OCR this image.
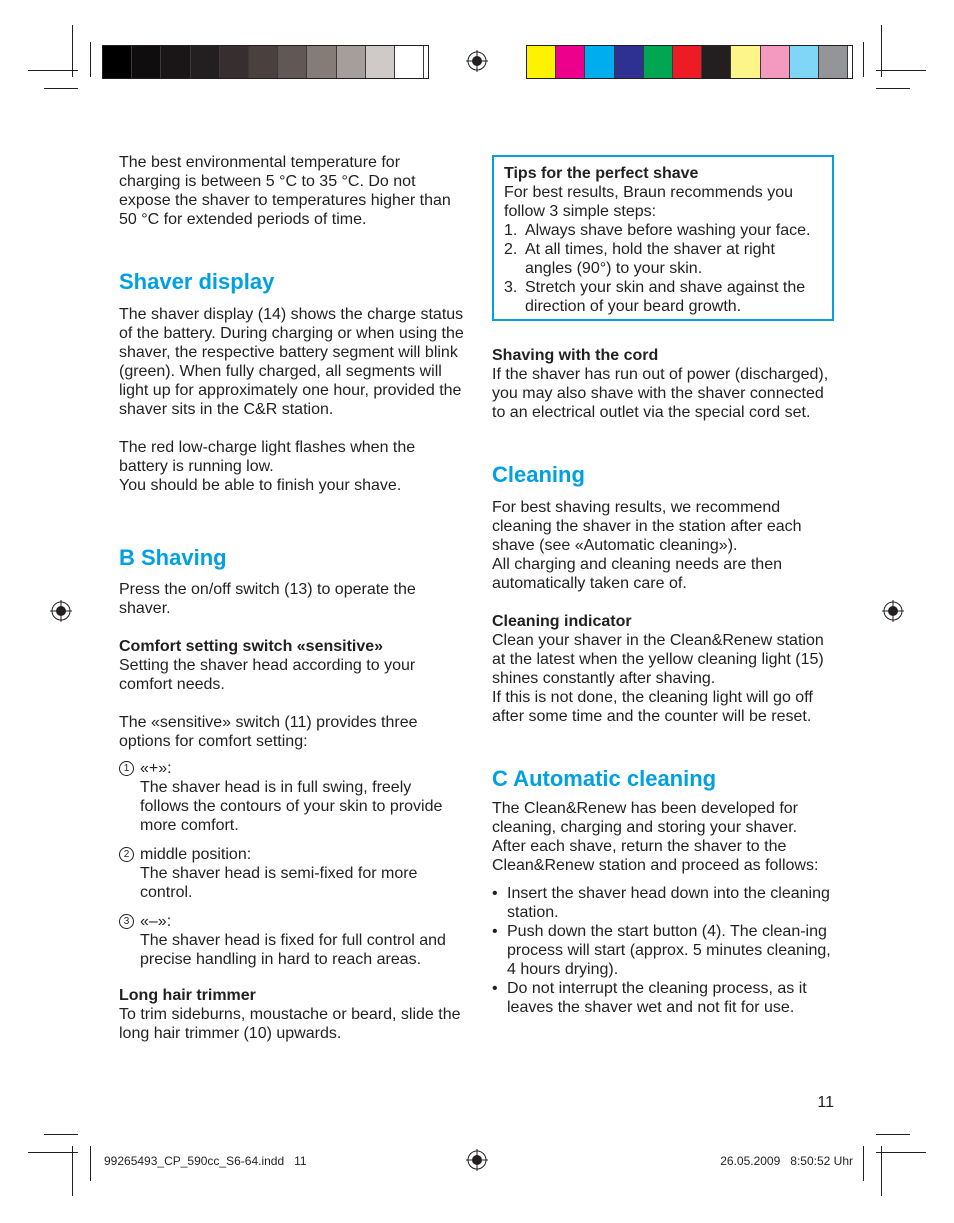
The best environmental temperature for charging is between 5 °C to 35 °C. Do not expose the shaver to temperatures higher than 50 °C for extended periods of time.

Shaver display

The shaver display (14) shows the charge status of the battery. During charging or when using the shaver, the respective battery segment will blink (green). When fully charged, all segments will light up for approximately one hour, provided the shaver sits in the C&R station.

The red low-charge light flashes when the battery is running low.

You should be able to finish your shave.

B Shaving

Press the on/off switch (13) to operate the shaver.

Comfort setting switch «sensitive»

Setting the shaver head according to your comfort needs.

The «sensitive» switch (11) provides three options for comfort setting:

1 «+»:
The shaver head is in full swing, freely follows the contours of your skin to provide more comfort.
2 middle position:
The shaver head is semi-fixed for more control.
3 «–»:
The shaver head is fixed for full control and precise handling in hard to reach areas.

Long hair trimmer

To trim sideburns, moustache or beard, slide the long hair trimmer (10) upwards.

Tips for the perfect shave
For best results, Braun recommends you follow 3 simple steps:
1. Always shave before washing your face.
2. At all times, hold the shaver at right angles (90°) to your skin.
3. Stretch your skin and shave against the direction of your beard growth.

Shaving with the cord

If the shaver has run out of power (discharged), you may also shave with the shaver connected to an electrical outlet via the special cord set.

Cleaning

For best shaving results, we recommend cleaning the shaver in the station after each shave (see «Automatic cleaning»).

All charging and cleaning needs are then automatically taken care of.

Cleaning indicator

Clean your shaver in the Clean&Renew station at the latest when the yellow cleaning light (15) shines constantly after shaving.

If this is not done, the cleaning light will go off after some time and the counter will be reset.

C Automatic cleaning

The Clean&Renew has been developed for cleaning, charging and storing your shaver. After each shave, return the shaver to the Clean&Renew station and proceed as follows:

• Insert the shaver head down into the cleaning station.
• Push down the start button (4). The clean-ing process will start (approx. 5 minutes cleaning, 4 hours drying).
• Do not interrupt the cleaning process, as it leaves the shaver wet and not fit for use.
11
99265493_CP_590cc_S6-64.indd   11	26.05.2009   8:50:52 Uhr
